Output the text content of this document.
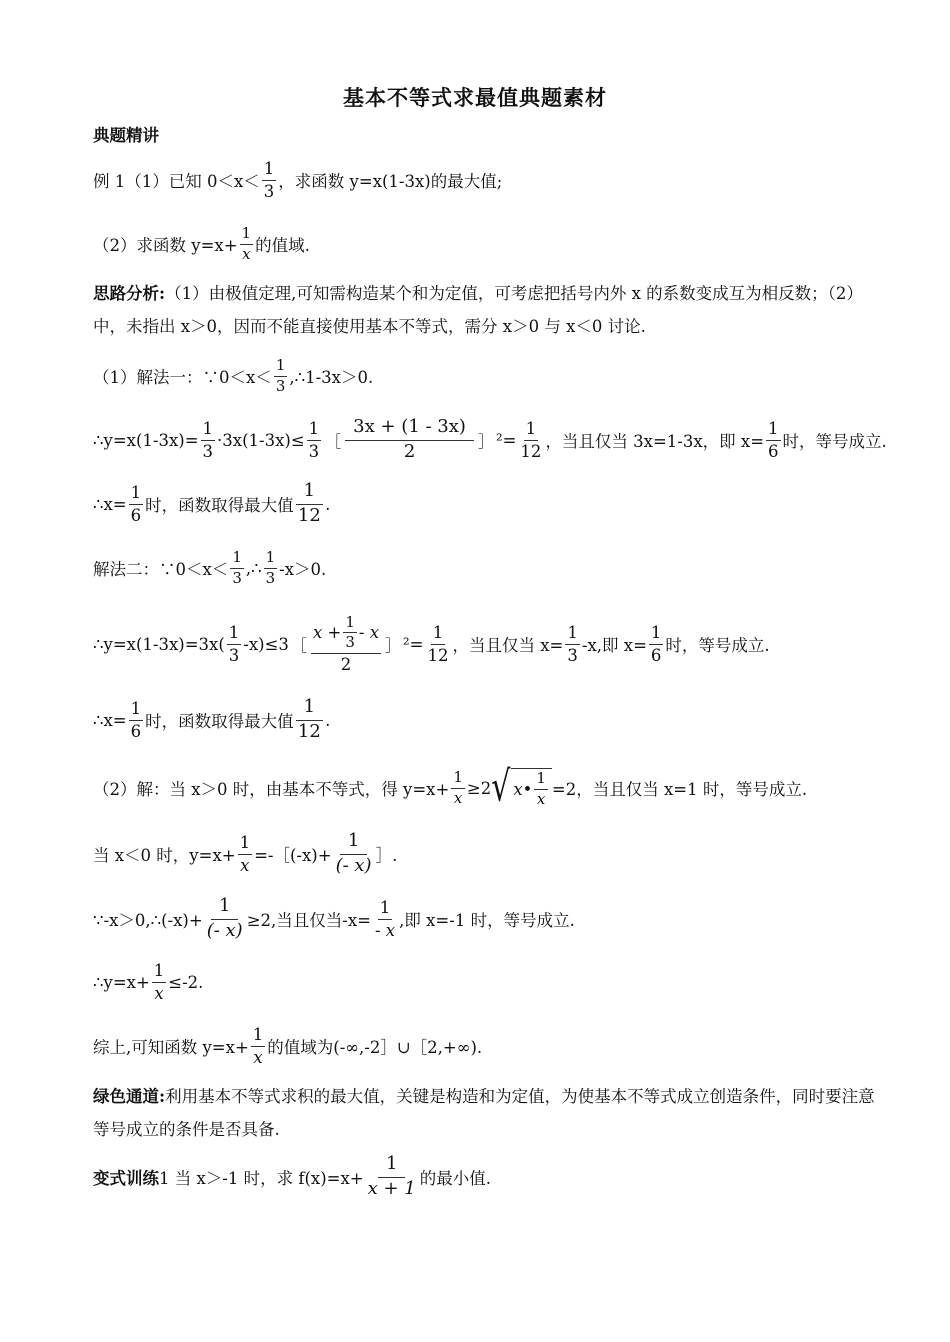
基本不等式求最值典题素材
典题精讲
例 1（1）已知 $0<x< \frac{1}{3}$ ，求函数 y=x(1-3x)的最大值;
（2）求函数 $y=x+ \frac{1}{x}$ 的值域.
思路分析:（1）由极值定理,可知需构造某个和为定值，可考虑把括号内外 x 的系数变成互为相反数；（2）中，未指出 x＞0，因而不能直接使用基本不等式，需分 x＞0 与 x＜0 讨论.
（1）解法一：∵0＜x＜ $\frac{1}{3}$ ,∴1-3x＞0.
∴y=x(1-3x)= $\frac{1}{3} \cdot 3x(1-3x)\le \frac{1}{3}$ ［ $\frac{3x + (1 - 3x)}{2}$ ］ $^2= \frac{1}{12}$ ，当且仅当 3x=1-3x，即 $x= \frac{1}{6}$ 时，等号成立.
∴x= $\frac{1}{6}$ 时，函数取得最大值 $\frac{1}{12}$ .
解法二：∵0＜x＜ $\frac{1}{3}$ ,∴ $\frac{1}{3} -x>0$.
∴y=x(1-3x)=3x( $\frac{1}{3} -x)\le 3$ ［ $\frac{x + \frac{1}{3} - x}{2}$ ］ $^2= \frac{1}{12}$ ，当且仅当 $x= \frac{1}{3} -x$,即 $x= \frac{1}{6}$ 时，等号成立.
∴x= $\frac{1}{6}$ 时，函数取得最大值 $\frac{1}{12}$ .
（2）解：当 x＞0 时，由基本不等式，得 $y=x+ \frac{1}{x} \ge 2$ √ x• $\frac{1}{x} =2$，当且仅当 x=1 时，等号成立.
当 x＜0 时，$y=x+ \frac{1}{x}$ =-［(-x)+ $\frac{1}{(- x)}$ ］.
∵-x＞0,∴(-x)+ $\frac{1}{(- x)} \ge 2$,当且仅当$-x= \frac{1}{- x}$ ,即 x=-1 时，等号成立.
∴y=x+ $\frac{1}{x} \le-2$.
综上,可知函数 $y=x+ \frac{1}{x}$ 的值域为(-∞,-2］∪［2,+∞).
绿色通道:利用基本不等式求积的最大值，关键是构造和为定值，为使基本不等式成立创造条件，同时要注意等号成立的条件是否具备.
变式训练 1 当 x＞-1 时，求 $f(x)=x+ \frac{1}{x + 1}$ 的最小值.
